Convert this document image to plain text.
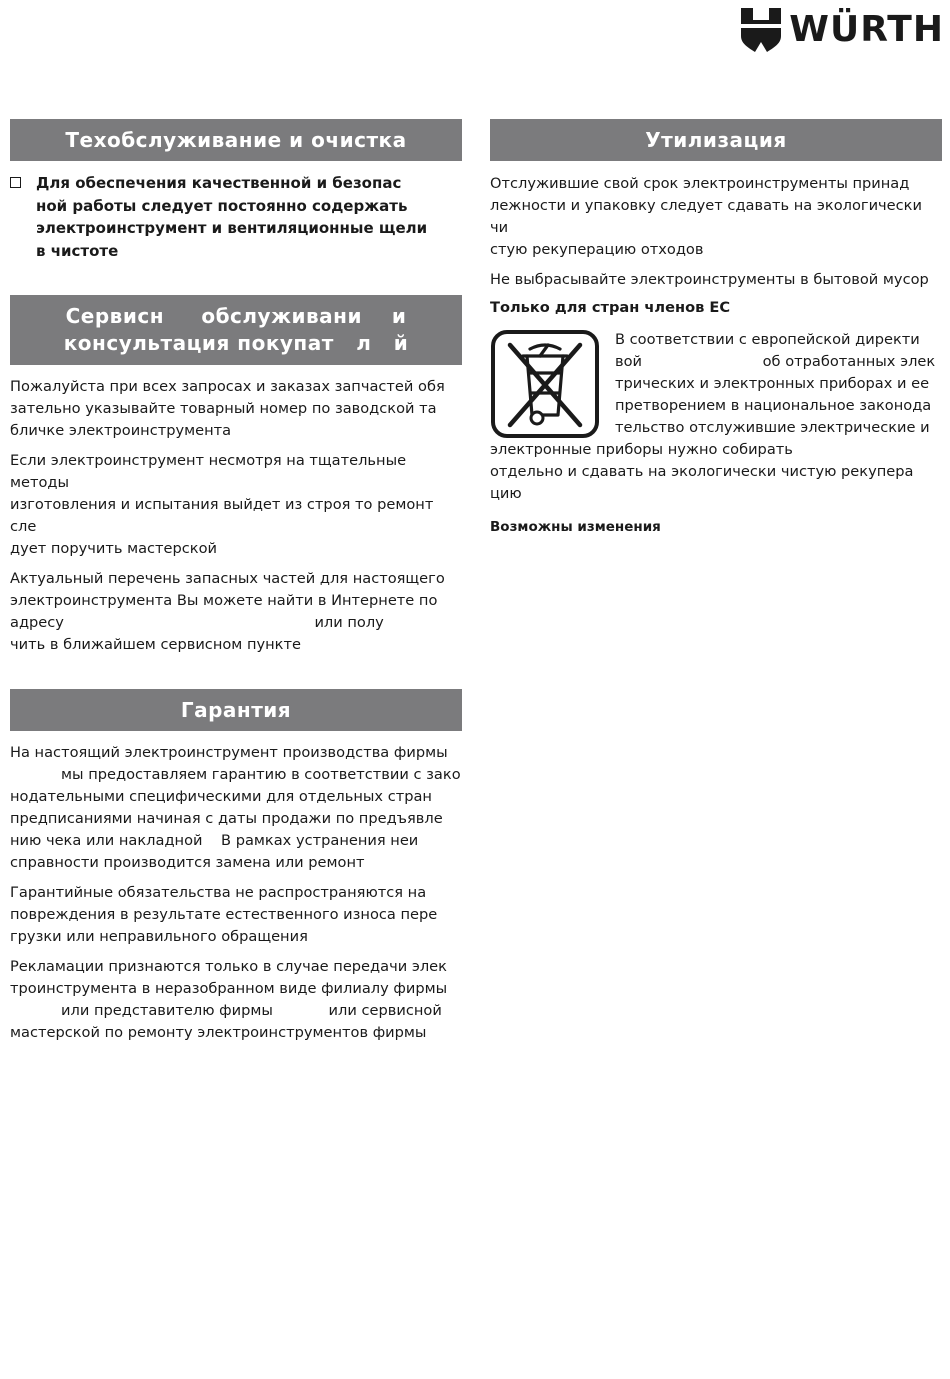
WÜRTH
Техобслуживание и очистка
Для обеспечения качественной и безопас
ной работы следует постоянно содержать
электроинструмент и вентиляционные щели
в чистоте
Сервисн     обслуживани    и
консультация покупат   л   й

Пожалуйста при всех запросах и заказах запчастей обя

зательно указывайте товарный номер по заводской та

бличке электроинструмента

Если электроинструмент несмотря на тщательные методы

изготовления и испытания выйдет из строя то ремонт сле

дует поручить мастерской

Актуальный перечень запасных частей для настоящего

электроинструмента Вы можете найти в Интернете по

адресу                                                      или полу

чить в ближайшем сервисном пункте

Гарантия

На настоящий электроинструмент производства фирмы

мы предоставляем гарантию в соответствии с зако

нодательными специфическими для отдельных стран

предписаниями начиная с даты продажи по предъявле

нию чека или накладной    В рамках устранения неи

справности производится замена или ремонт

Гарантийные обязательства не распространяются на

повреждения в результате естественного износа пере

грузки или неправильного обращения

Рекламации признаются только в случае передачи элек

троинструмента в неразобранном виде филиалу фирмы

или представителю фирмы            или сервисной

мастерской по ремонту электроинструментов фирмы

Утилизация

Отслужившие свой срок электроинструменты принад

лежности и упаковку следует сдавать на экологически чи

стую рекуперацию отходов

Не выбрасывайте электроинструменты в бытовой мусор

Только для стран членов ЕС

В соответствии с европейской директи

вой                          об отработанных элек

трических и электронных приборах и ее

претворением в национальное законода

тельство отслужившие электрические и

электронные приборы нужно собирать

отдельно и сдавать на экологически чистую рекупера

цию

Возможны изменения
